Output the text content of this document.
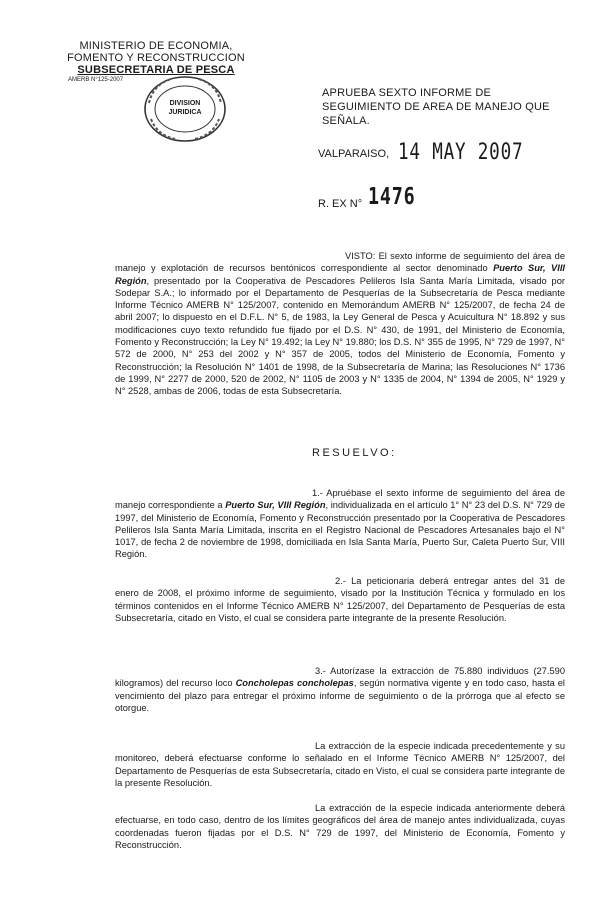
MINISTERIO DE ECONOMIA,
FOMENTO Y RECONSTRUCCION
SUBSECRETARIA DE PESCA
AMERB N°125-2007
DIVISION JURIDICA
APRUEBA SEXTO INFORME DE SEGUIMIENTO DE AREA DE MANEJO QUE SEÑALA.
VALPARAISO, 14 MAY 2007
R. EX N° 1476
VISTO: El sexto informe de seguimiento del área de manejo y explotación de recursos bentónicos correspondiente al sector denominado Puerto Sur, VIII Región, presentado por la Cooperativa de Pescadores Pelileros Isla Santa María Limitada, visado por Sodepar S.A.; lo informado por el Departamento de Pesquerías de la Subsecretaría de Pesca mediante Informe Técnico AMERB N° 125/2007, contenido en Memorándum AMERB N° 125/2007, de fecha 24 de abril 2007; lo dispuesto en el D.F.L. N° 5, de 1983, la Ley General de Pesca y Acuicultura N° 18.892 y sus modificaciones cuyo texto refundido fue fijado por el D.S. N° 430, de 1991, del Ministerio de Economía, Fomento y Reconstrucción; la Ley N° 19.492; la Ley N° 19.880; los D.S. N° 355 de 1995, N° 729 de 1997, N° 572 de 2000, N° 253 del 2002 y N° 357 de 2005, todos del Ministerio de Economía, Fomento y Reconstrucción; la Resolución N° 1401 de 1998, de la Subsecretaría de Marina; las Resoluciones N° 1736 de 1999, N° 2277 de 2000, 520 de 2002, N° 1105 de 2003 y N° 1335 de 2004, N° 1394 de 2005, N° 1929 y N° 2528, ambas de 2006, todas de esta Subsecretaría.
RESUELVO:
1.- Apruébase el sexto informe de seguimiento del área de manejo correspondiente a Puerto Sur, VIII Región, individualizada en el artículo 1° N° 23 del D.S. N° 729 de 1997, del Ministerio de Economía, Fomento y Reconstrucción presentado por la Cooperativa de Pescadores Pelileros Isla Santa María Limitada, inscrita en el Registro Nacional de Pescadores Artesanales bajo el N° 1017, de fecha 2 de noviembre de 1998, domiciliada en Isla Santa María, Puerto Sur, Caleta Puerto Sur, VIII Región.
2.- La peticionaria deberá entregar antes del 31 de enero de 2008, el próximo informe de seguimiento, visado por la Institución Técnica y formulado en los términos contenidos en el Informe Técnico AMERB N° 125/2007, del Departamento de Pesquerías de esta Subsecretaría, citado en Visto, el cual se considera parte integrante de la presente Resolución.
3.- Autorízase la extracción de 75.880 individuos (27.590 kilogramos) del recurso loco Concholepas concholepas, según normativa vigente y en todo caso, hasta el vencimiento del plazo para entregar el próximo informe de seguimiento o de la prórroga que al efecto se otorgue.
La extracción de la especie indicada precedentemente y su monitoreo, deberá efectuarse conforme lo señalado en el Informe Técnico AMERB N° 125/2007, del Departamento de Pesquerías de esta Subsecretaría, citado en Visto, el cual se considera parte integrante de la presente Resolución.
La extracción de la especie indicada anteriormente deberá efectuarse, en todo caso, dentro de los límites geográficos del área de manejo antes individualizada, cuyas coordenadas fueron fijadas por el D.S. N° 729 de 1997, del Ministerio de Economía, Fomento y Reconstrucción.
